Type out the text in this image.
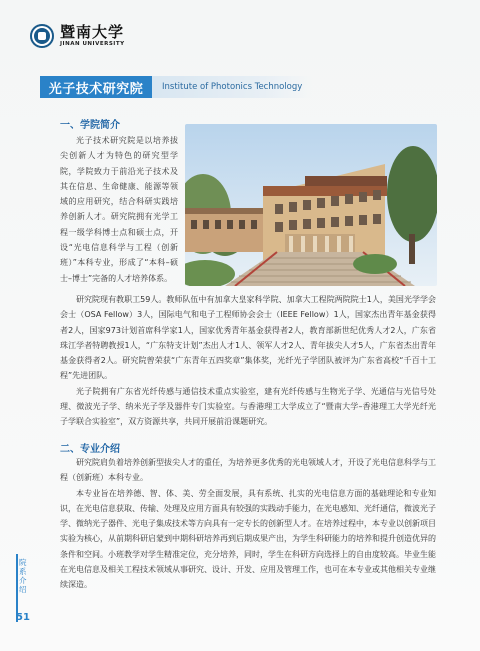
暨南大学
JINAN UNIVERSITY
光子技术研究院	Institute of Photonics Technology
一、学院简介

光子技术研究院是以培养拔尖创新人才为特色的研究型学院，学院致力于前沿光子技术及其在信息、生命健康、能源等领域的应用研究，结合科研实践培养创新人才。研究院拥有光学工程一级学科博士点和硕士点，开设“光电信息科学与工程（创新班）”本科专业，形成了“本科–硕士–博士”完备的人才培养体系。

研究院现有教职工59人。教师队伍中有加拿大皇家科学院、加拿大工程院两院院士1人，美国光学学会会士（OSA Fellow）3人，国际电气和电子工程师协会会士（IEEE Fellow）1人，国家杰出青年基金获得者2人，国家973计划首席科学家1人，国家优秀青年基金获得者2人，教育部新世纪优秀人才2人，广东省珠江学者特聘教授1人，“广东特支计划”杰出人才1人、领军人才2人、青年拔尖人才5人，广东省杰出青年基金获得者2人。研究院曾荣获“广东青年五四奖章”集体奖，光纤光子学团队被评为广东省高校“千百十工程”先进团队。

光子院拥有广东省光纤传感与通信技术重点实验室，建有光纤传感与生物光子学、光通信与光信号处理、微波光子学、纳米光子学及器件专门实验室。与香港理工大学成立了“暨南大学–香港理工大学光纤光子学联合实验室”，双方资源共享，共同开展前沿课题研究。

二、专业介绍

研究院肩负着培养创新型拔尖人才的重任，为培养更多优秀的光电领域人才，开设了光电信息科学与工程（创新班）本科专业。

本专业旨在培养德、智、体、美、劳全面发展，具有系统、扎实的光电信息方面的基础理论和专业知识，在光电信息获取、传输、处理及应用方面具有较强的实践动手能力，在光电感知、光纤通信，微波光子学、微纳光子器件、光电子集成技术等方向具有一定专长的创新型人才。在培养过程中，本专业以创新项目实验为核心，从前期科研启蒙到中期科研培养再到后期成果产出，为学生科研能力的培养和提升创造优异的条件和空间。小班教学对学生精准定位，充分培养，同时，学生在科研方向选择上的自由度较高。毕业生能在光电信息及相关工程技术领域从事研究、设计、开发、应用及管理工作，也可在本专业或其他相关专业继续深造。

院系介绍
51
